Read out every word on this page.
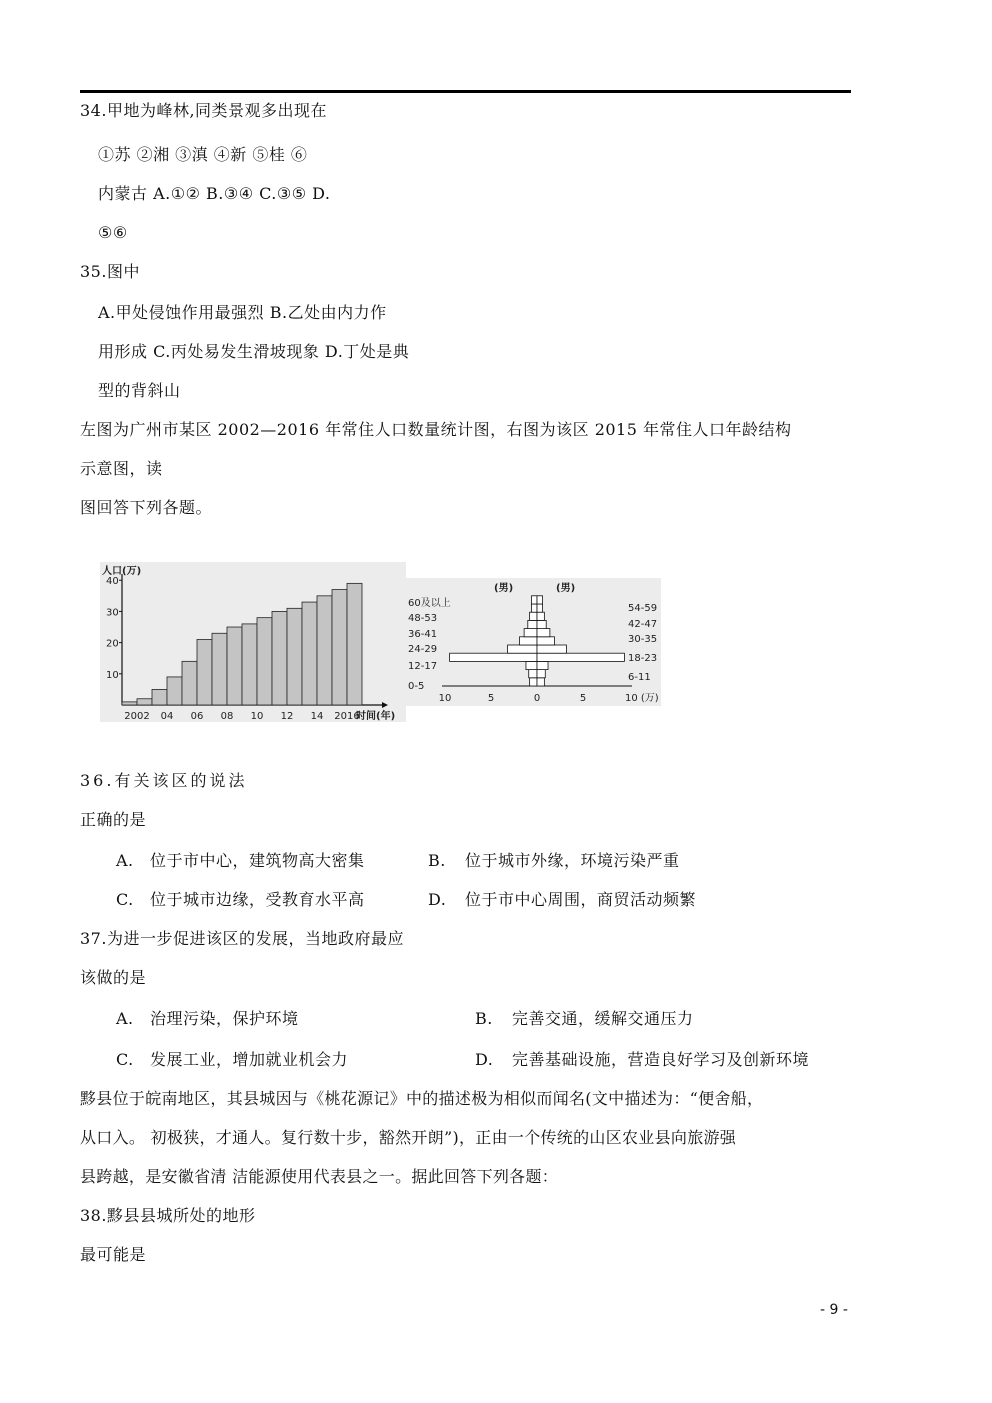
34.甲地为峰林,同类景观多出现在
①苏 ②湘 ③滇 ④新 ⑤桂 ⑥
内蒙古 A.①② B.③④ C.③⑤ D.
⑤⑥
35.图中
A.甲处侵蚀作用最强烈 B.乙处由内力作
用形成 C.丙处易发生滑坡现象 D.丁处是典
型的背斜山
左图为广州市某区 2002—2016 年常住人口数量统计图，右图为该区 2015 年常住人口年龄结构
示意图，读
图回答下列各题。
人口(万)
时间(年)
10
20
30
40
2002 04 06 08 10 12 14 2016
(男)	(男)
60及以上
48-53
36-41
24-29
12-17
0-5
54-59
42-47
30-35
18-23
6-11
10	5	0	5	10 (万)
36.有关该区的说法
正确的是
A. 位于市中心，建筑物高大密集	B. 位于城市外缘，环境污染严重
C. 位于城市边缘，受教育水平高	D. 位于市中心周围，商贸活动频繁
37.为进一步促进该区的发展，当地政府最应
该做的是
A. 治理污染，保护环境	B. 完善交通，缓解交通压力
C. 发展工业，增加就业机会力	D. 完善基础设施，营造良好学习及创新环境
黟县位于皖南地区，其县城因与《桃花源记》中的描述极为相似而闻名(文中描述为：“便舍船，
从口入。 初极狭，才通人。复行数十步，豁然开朗”)，正由一个传统的山区农业县向旅游强
县跨越，是安徽省清 洁能源使用代表县之一。据此回答下列各题：
38.黟县县城所处的地形
最可能是
- 9 -
